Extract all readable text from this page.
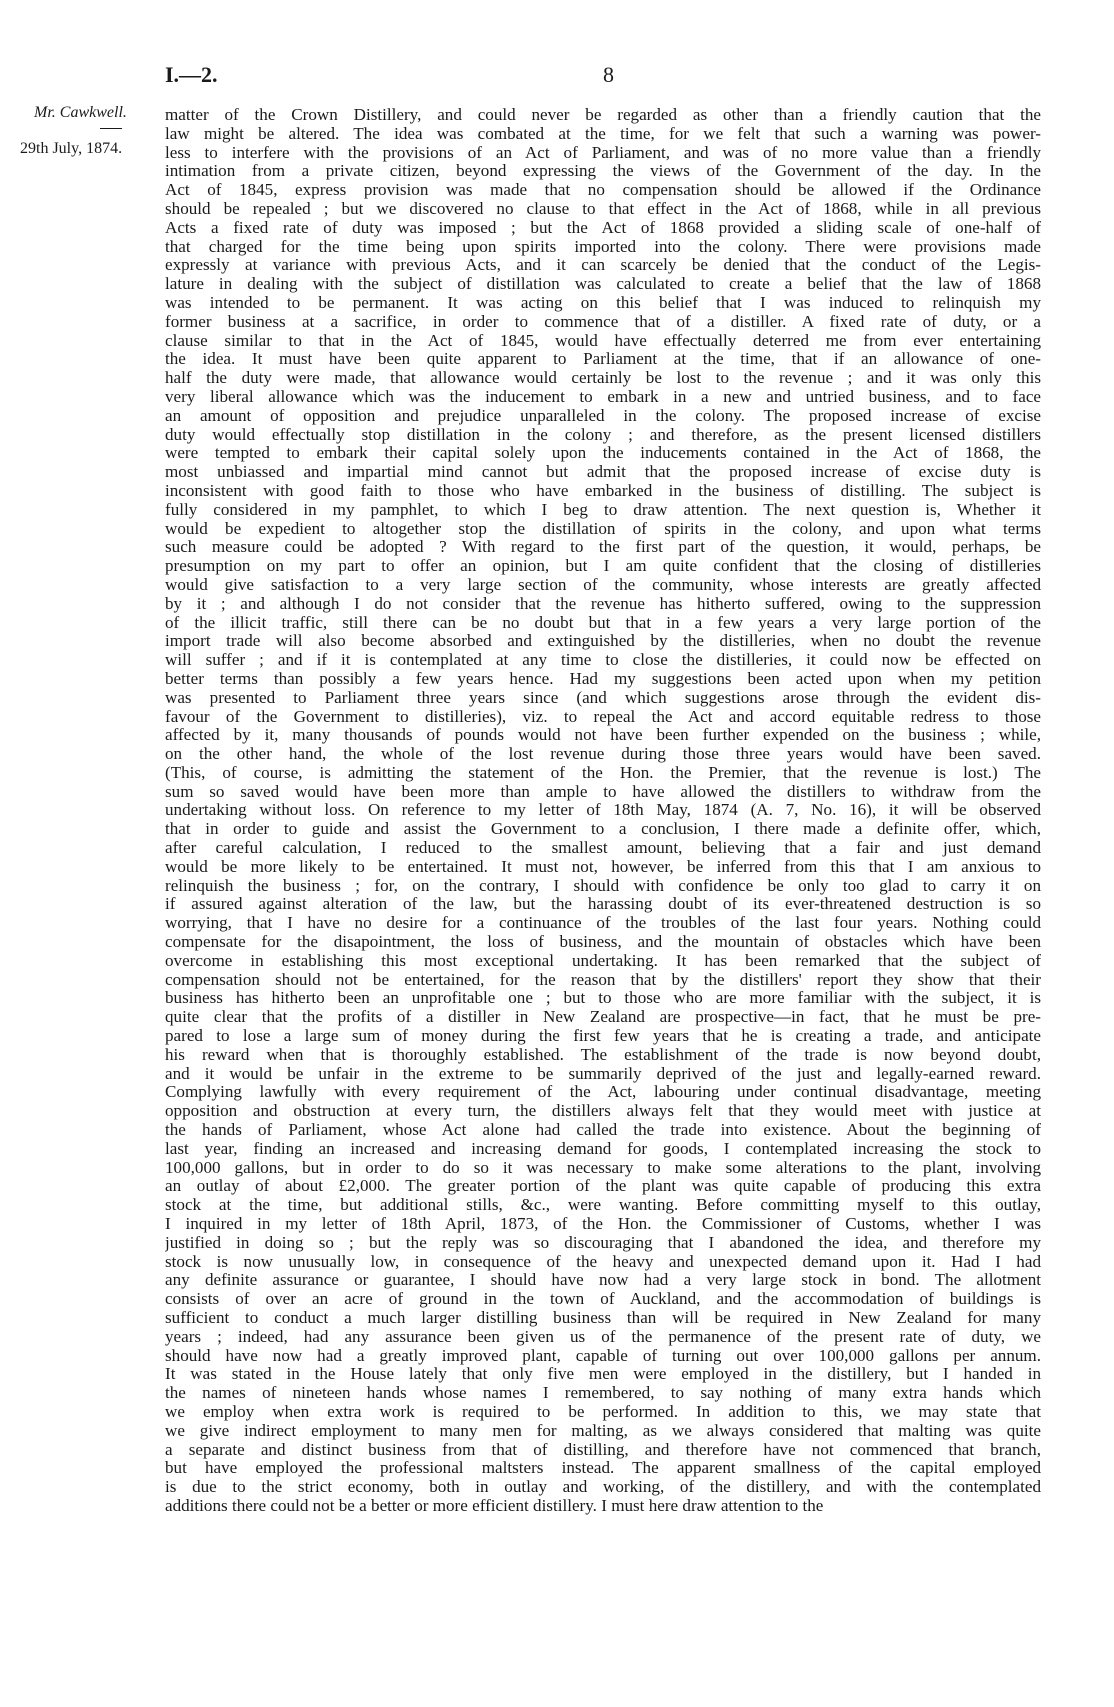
I.—2.	8
Mr. Cawkwell.
29th July, 1874.
matter of the Crown Distillery, and could never be regarded as other than a friendly caution that the
law might be altered. The idea was combated at the time, for we felt that such a warning was power-
less to interfere with the provisions of an Act of Parliament, and was of no more value than a friendly
intimation from a private citizen, beyond expressing the views of the Government of the day. In the
Act of 1845, express provision was made that no compensation should be allowed if the Ordinance
should be repealed ; but we discovered no clause to that effect in the Act of 1868, while in all previous
Acts a fixed rate of duty was imposed ; but the Act of 1868 provided a sliding scale of one-half of
that charged for the time being upon spirits imported into the colony. There were provisions made
expressly at variance with previous Acts, and it can scarcely be denied that the conduct of the Legis-
lature in dealing with the subject of distillation was calculated to create a belief that the law of 1868
was intended to be permanent. It was acting on this belief that I was induced to relinquish my
former business at a sacrifice, in order to commence that of a distiller. A fixed rate of duty, or a
clause similar to that in the Act of 1845, would have effectually deterred me from ever entertaining
the idea. It must have been quite apparent to Parliament at the time, that if an allowance of one-
half the duty were made, that allowance would certainly be lost to the revenue ; and it was only this
very liberal allowance which was the inducement to embark in a new and untried business, and to face
an amount of opposition and prejudice unparalleled in the colony. The proposed increase of excise
duty would effectually stop distillation in the colony ; and therefore, as the present licensed distillers
were tempted to embark their capital solely upon the inducements contained in the Act of 1868, the
most unbiassed and impartial mind cannot but admit that the proposed increase of excise duty is
inconsistent with good faith to those who have embarked in the business of distilling. The subject is
fully considered in my pamphlet, to which I beg to draw attention. The next question is, Whether it
would be expedient to altogether stop the distillation of spirits in the colony, and upon what terms
such measure could be adopted ? With regard to the first part of the question, it would, perhaps, be
presumption on my part to offer an opinion, but I am quite confident that the closing of distilleries
would give satisfaction to a very large section of the community, whose interests are greatly affected
by it ; and although I do not consider that the revenue has hitherto suffered, owing to the suppression
of the illicit traffic, still there can be no doubt but that in a few years a very large portion of the
import trade will also become absorbed and extinguished by the distilleries, when no doubt the revenue
will suffer ; and if it is contemplated at any time to close the distilleries, it could now be effected on
better terms than possibly a few years hence. Had my suggestions been acted upon when my petition
was presented to Parliament three years since (and which suggestions arose through the evident dis-
favour of the Government to distilleries), viz. to repeal the Act and accord equitable redress to those
affected by it, many thousands of pounds would not have been further expended on the business ; while,
on the other hand, the whole of the lost revenue during those three years would have been saved.
(This, of course, is admitting the statement of the Hon. the Premier, that the revenue is lost.) The
sum so saved would have been more than ample to have allowed the distillers to withdraw from the
undertaking without loss. On reference to my letter of 18th May, 1874 (A. 7, No. 16), it will be observed
that in order to guide and assist the Government to a conclusion, I there made a definite offer, which,
after careful calculation, I reduced to the smallest amount, believing that a fair and just demand
would be more likely to be entertained. It must not, however, be inferred from this that I am anxious to
relinquish the business ; for, on the contrary, I should with confidence be only too glad to carry it on
if assured against alteration of the law, but the harassing doubt of its ever-threatened destruction is so
worrying, that I have no desire for a continuance of the troubles of the last four years. Nothing could
compensate for the disapointment, the loss of business, and the mountain of obstacles which have been
overcome in establishing this most exceptional undertaking. It has been remarked that the subject of
compensation should not be entertained, for the reason that by the distillers' report they show that their
business has hitherto been an unprofitable one ; but to those who are more familiar with the subject, it is
quite clear that the profits of a distiller in New Zealand are prospective—in fact, that he must be pre-
pared to lose a large sum of money during the first few years that he is creating a trade, and anticipate
his reward when that is thoroughly established. The establishment of the trade is now beyond doubt,
and it would be unfair in the extreme to be summarily deprived of the just and legally-earned reward.
Complying lawfully with every requirement of the Act, labouring under continual disadvantage, meeting
opposition and obstruction at every turn, the distillers always felt that they would meet with justice at
the hands of Parliament, whose Act alone had called the trade into existence. About the beginning of
last year, finding an increased and increasing demand for goods, I contemplated increasing the stock to
100,000 gallons, but in order to do so it was necessary to make some alterations to the plant, involving
an outlay of about £2,000. The greater portion of the plant was quite capable of producing this extra
stock at the time, but additional stills, &c., were wanting. Before committing myself to this outlay,
I inquired in my letter of 18th April, 1873, of the Hon. the Commissioner of Customs, whether I was
justified in doing so ; but the reply was so discouraging that I abandoned the idea, and therefore my
stock is now unusually low, in consequence of the heavy and unexpected demand upon it. Had I had
any definite assurance or guarantee, I should have now had a very large stock in bond. The allotment
consists of over an acre of ground in the town of Auckland, and the accommodation of buildings is
sufficient to conduct a much larger distilling business than will be required in New Zealand for many
years ; indeed, had any assurance been given us of the permanence of the present rate of duty, we
should have now had a greatly improved plant, capable of turning out over 100,000 gallons per annum.
It was stated in the House lately that only five men were employed in the distillery, but I handed in
the names of nineteen hands whose names I remembered, to say nothing of many extra hands which
we employ when extra work is required to be performed. In addition to this, we may state that
we give indirect employment to many men for malting, as we always considered that malting was quite
a separate and distinct business from that of distilling, and therefore have not commenced that branch,
but have employed the professional maltsters instead. The apparent smallness of the capital employed
is due to the strict economy, both in outlay and working, of the distillery, and with the contemplated
additions there could not be a better or more efficient distillery. I must here draw attention to the
